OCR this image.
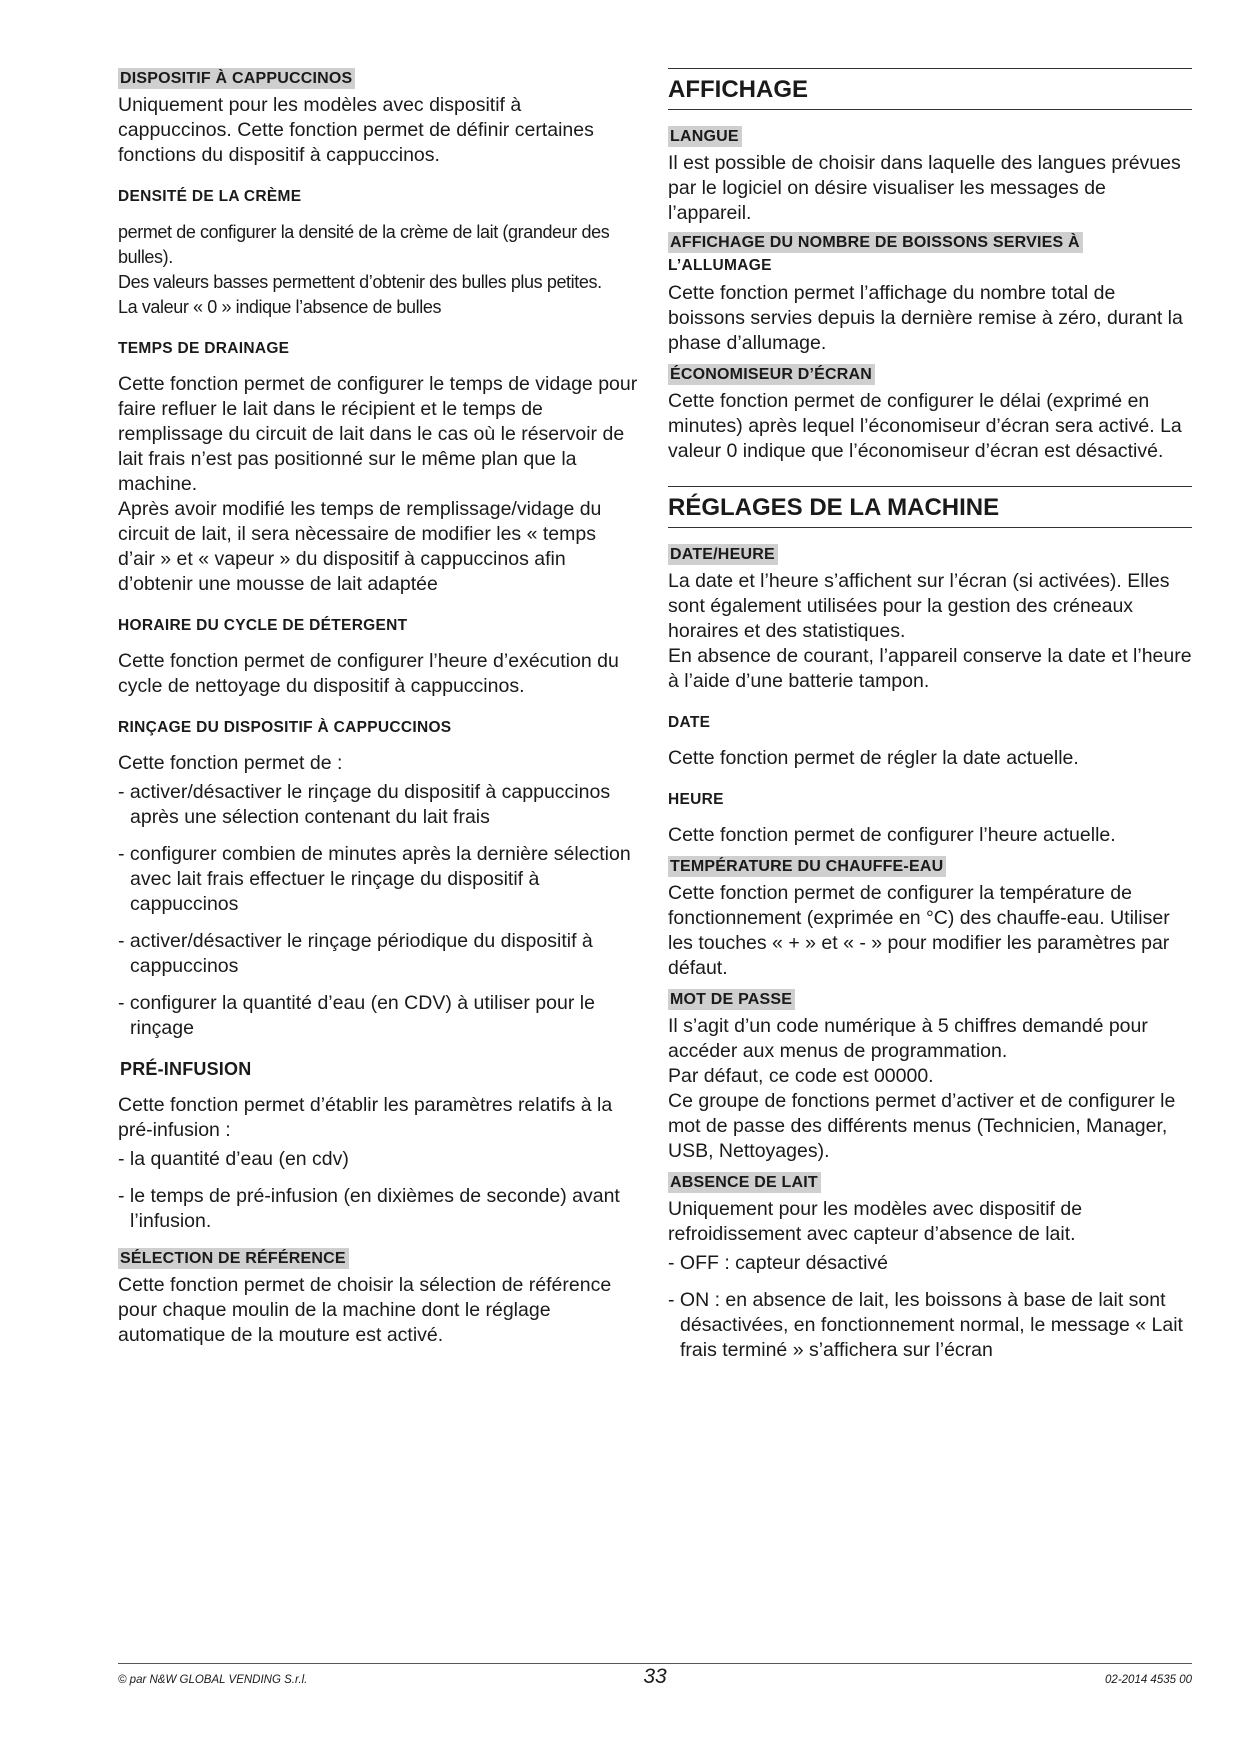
DISPOSITIF À CAPPUCCINOS

Uniquement pour les modèles avec dispositif à cappuccinos. Cette fonction permet de définir certaines fonctions du dispositif à cappuccinos.

DENSITÉ DE LA CRÈME

permet de configurer la densité de la crème de lait (grandeur des bulles).

Des valeurs basses permettent d’obtenir des bulles plus petites.

La valeur « 0 » indique l’absence de bulles

TEMPS DE DRAINAGE

Cette fonction permet de configurer le temps de vidage pour faire refluer le lait dans le récipient et le temps de remplissage du circuit de lait dans le cas où le réservoir de lait frais n’est pas positionné sur le même plan que la machine.

Après avoir modifié les temps de remplissage/vidage du circuit de lait, il sera nècessaire de modifier les « temps d’air » et « vapeur » du dispositif à cappuccinos afin d’obtenir une mousse de lait adaptée

HORAIRE DU CYCLE DE DÉTERGENT

Cette fonction permet de configurer l’heure d’exécution du cycle de nettoyage du dispositif à cappuccinos.

RINÇAGE DU DISPOSITIF À CAPPUCCINOS

Cette fonction permet de :

- activer/désactiver le rinçage du dispositif à cappuccinos après une sélection contenant du lait frais

- configurer combien de minutes après la dernière sélection avec lait frais effectuer le rinçage du dispositif à cappuccinos

- activer/désactiver le rinçage périodique du dispositif à cappuccinos

- configurer la quantité d’eau (en CDV) à utiliser pour le rinçage

PRÉ-INFUSION

Cette fonction permet d’établir les paramètres relatifs à la pré-infusion :

- la quantité d’eau (en cdv)

- le temps de pré-infusion (en dixièmes de seconde) avant l’infusion.

SÉLECTION DE RÉFÉRENCE

Cette fonction permet de choisir la sélection de référence pour chaque moulin de la machine dont le réglage automatique de la mouture est activé.

AFFICHAGE
LANGUE

Il est possible de choisir dans laquelle des langues prévues par le logiciel on désire visualiser les messages de l’appareil.

AFFICHAGE DU NOMBRE DE BOISSONS SERVIES À
L’ALLUMAGE

Cette fonction permet l’affichage du nombre total de boissons servies depuis la dernière remise à zéro, durant la phase d’allumage.

ÉCONOMISEUR D’ÉCRAN

Cette fonction permet de configurer le délai (exprimé en minutes) après lequel l’économiseur d’écran sera activé. La valeur 0 indique que l’économiseur d’écran est désactivé.

RÉGLAGES DE LA MACHINE
DATE/HEURE

La date et l’heure s’affichent sur l’écran (si activées). Elles sont également utilisées pour la gestion des créneaux horaires et des statistiques.

En absence de courant, l’appareil conserve la date et l’heure à l’aide d’une batterie tampon.

DATE

Cette fonction permet de régler la date actuelle.

HEURE

Cette fonction permet de configurer l’heure actuelle.

TEMPÉRATURE DU CHAUFFE-EAU

Cette fonction permet de configurer la température de fonctionnement (exprimée en °C) des chauffe-eau. Utiliser les touches « + » et « - » pour modifier les paramètres par défaut.

MOT DE PASSE

Il s’agit d’un code numérique à 5 chiffres demandé pour accéder aux menus de programmation.

Par défaut, ce code est 00000.

Ce groupe de fonctions permet d’activer et de configurer le mot de passe des différents menus (Technicien, Manager, USB, Nettoyages).

ABSENCE DE LAIT

Uniquement pour les modèles avec dispositif de refroidissement avec capteur d’absence de lait.

- OFF : capteur désactivé

- ON : en absence de lait, les boissons à base de lait sont désactivées, en fonctionnement normal, le message « Lait frais terminé » s’affichera sur l’écran

© par N&W GLOBAL VENDING S.r.l.	33	02-2014 4535 00
